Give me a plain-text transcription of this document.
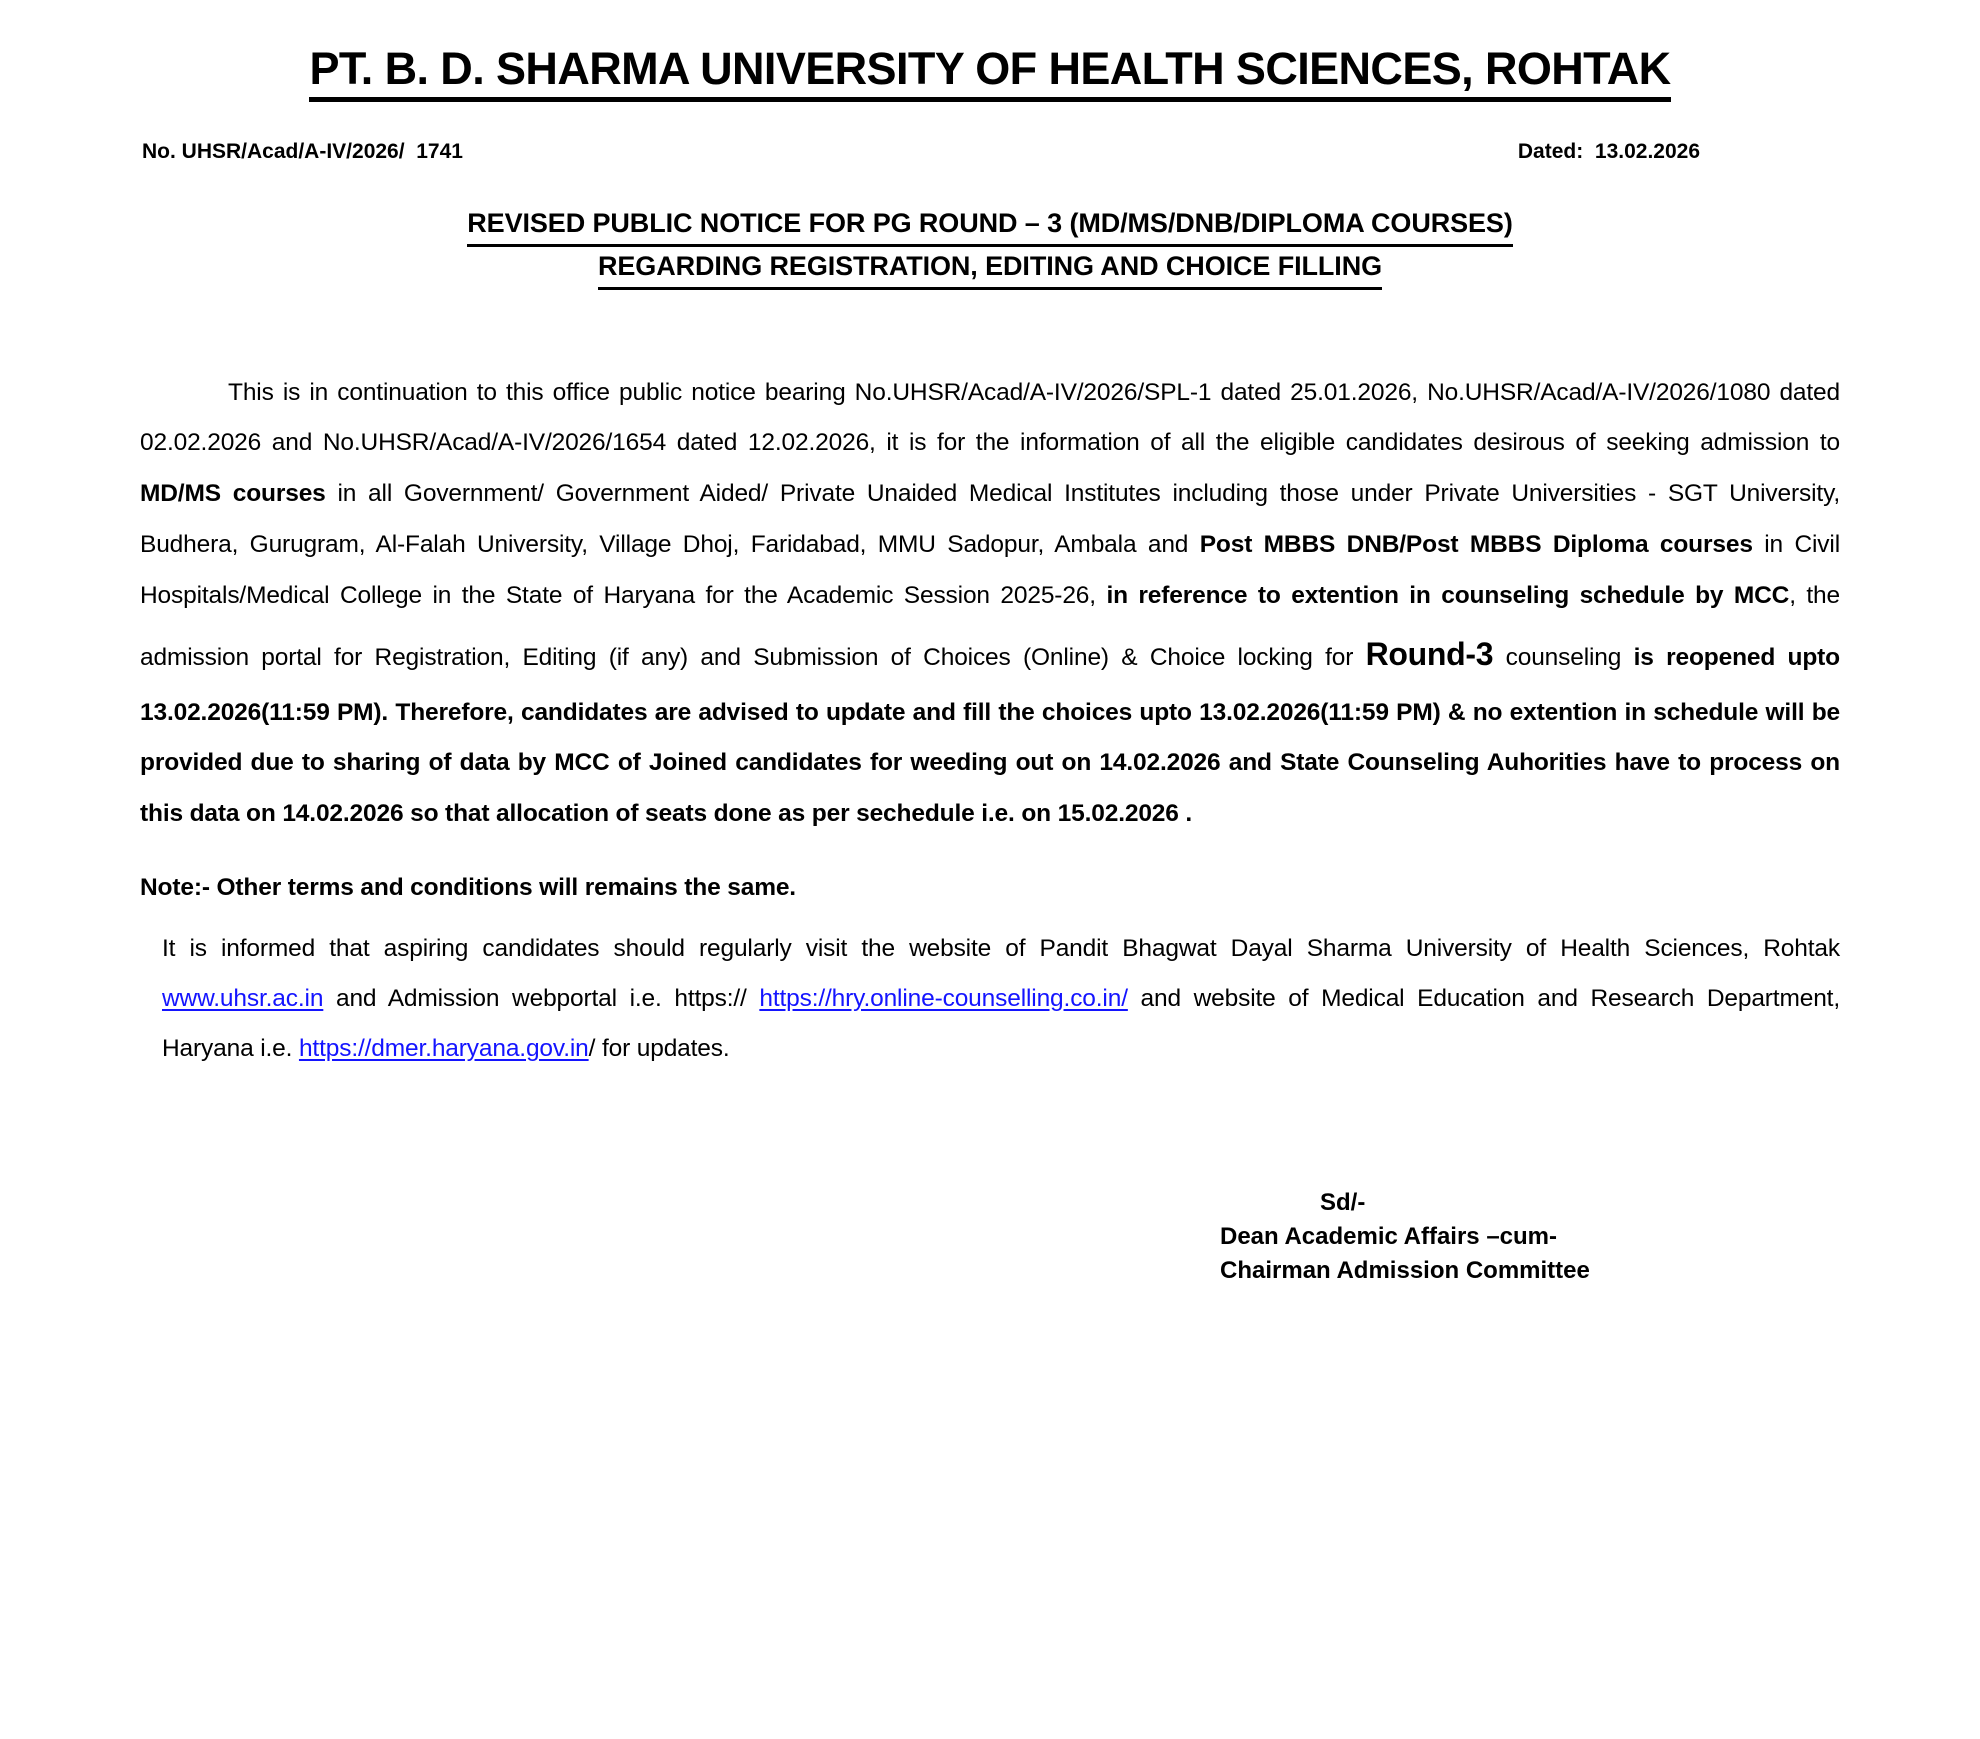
PT. B. D. SHARMA UNIVERSITY OF HEALTH SCIENCES, ROHTAK
No. UHSR/Acad/A-IV/2026/  1741	Dated:  13.02.2026
REVISED PUBLIC NOTICE FOR PG ROUND – 3 (MD/MS/DNB/DIPLOMA COURSES)
REGARDING REGISTRATION, EDITING AND CHOICE FILLING

This is in continuation to this office public notice bearing No.UHSR/Acad/A-IV/2026/SPL-1 dated 25.01.2026, No.UHSR/Acad/A-IV/2026/1080 dated 02.02.2026 and No.UHSR/Acad/A-IV/2026/1654 dated 12.02.2026, it is for the information of all the eligible candidates desirous of seeking admission to MD/MS courses in all Government/ Government Aided/ Private Unaided Medical Institutes including those under Private Universities - SGT University, Budhera, Gurugram, Al-Falah University, Village Dhoj, Faridabad, MMU Sadopur, Ambala and Post MBBS DNB/Post MBBS Diploma courses in Civil Hospitals/Medical College in the State of Haryana for the Academic Session 2025-26, in reference to extention in counseling schedule by MCC, the admission portal for Registration, Editing (if any) and Submission of Choices (Online) & Choice locking for Round-3 counseling is reopened upto 13.02.2026(11:59 PM). Therefore, candidates are advised to update and fill the choices upto 13.02.2026(11:59 PM) & no extention in schedule will be provided due to sharing of data by MCC of Joined candidates for weeding out on 14.02.2026 and State Counseling Auhorities have to process on this data on 14.02.2026 so that allocation of seats done as per sechedule i.e. on 15.02.2026 .

Note:- Other terms and conditions will remains the same.
It is informed that aspiring candidates should regularly visit the website of Pandit Bhagwat Dayal Sharma University of Health Sciences, Rohtak www.uhsr.ac.in and Admission webportal i.e. https:// https://hry.online-counselling.co.in/ and website of Medical Education and Research Department, Haryana i.e. https://dmer.haryana.gov.in/ for updates.
Sd/-
Dean Academic Affairs –cum-
Chairman Admission Committee
